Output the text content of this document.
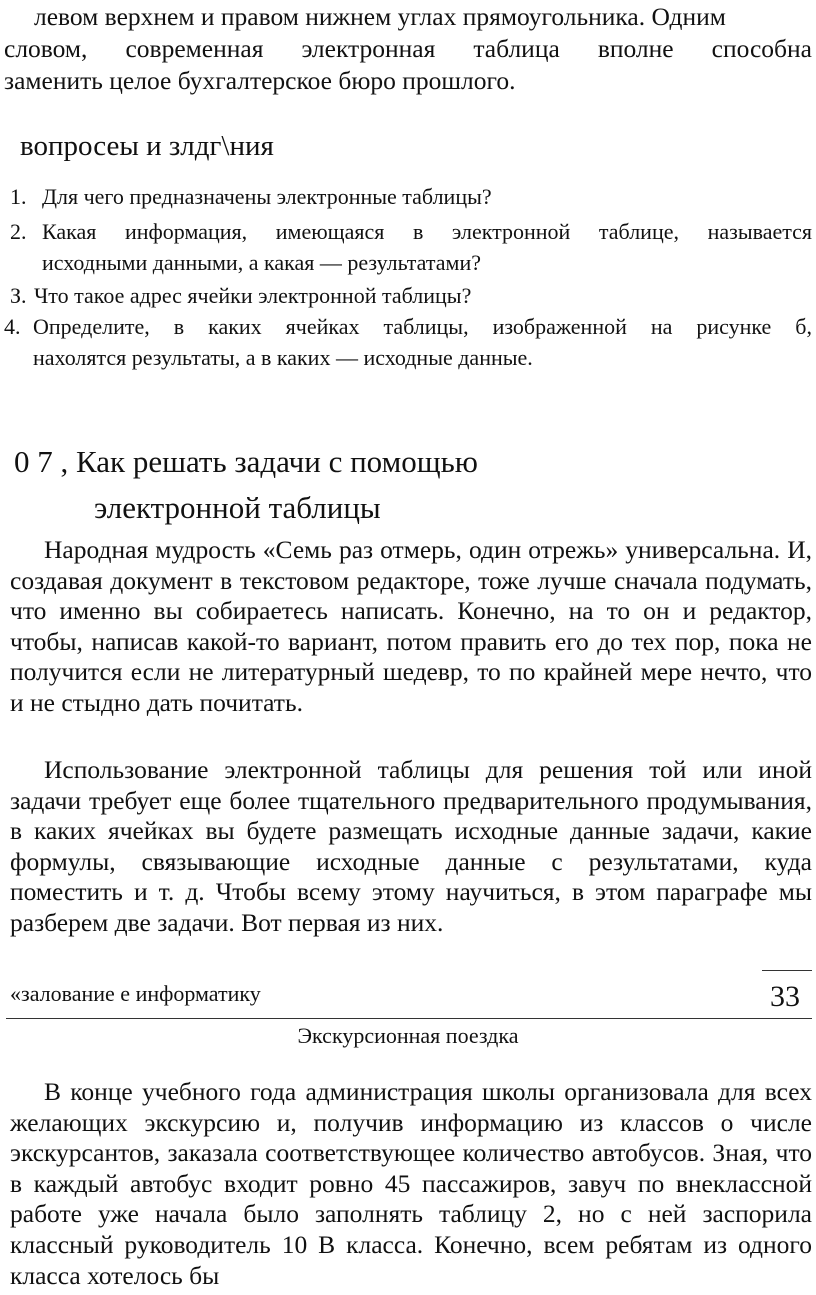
левом верхнем и правом нижнем углах прямоугольника. Одним
словом, современная электронная таблица вполне способна
заменить целое бухгалтерское бюро прошлого.
вопросеы и злдг\ния
1. Для чего предназначены электронные таблицы?
2. Какая информация, имеющаяся в электронной таблице, называется
исходными данными, а какая — результатами?
З. Что такое адрес ячейки электронной таблицы?
4. Определите, в каких ячейках таблицы, изображенной на рисунке б,
нахолятся результаты, а в каких — исходные данные.
0 7 , Как решать задачи с помощью
электронной таблицы

Народная мудрость «Семь раз отмерь, один отрежь» универсальна. И, создавая документ в текстовом редакторе, тоже лучше сначала подумать, что именно вы собираетесь написать. Конечно, на то он и редактор, чтобы, написав какой-то вариант, потом править его до тех пор, пока не получится если не литературный шедевр, то по крайней мере нечто, что и не стыдно дать почитать.

Использование электронной таблицы для решения той или иной задачи требует еще более тщательного предварительного продумывания, в каких ячейках вы будете размещать исходные данные задачи, какие формулы, связывающие исходные данные с результатами, куда поместить и т. д. Чтобы всему этому научиться, в этом параграфе мы разберем две задачи. Вот первая из них.

«залование е информатику	33
Экскурсионная поездка

В конце учебного года администрация школы организовала для всех желающих экскурсию и, получив информацию из классов о числе экскурсантов, заказала соответствующее количество автобусов. Зная, что в каждый автобус входит ровно 45 пассажиров, завуч по внеклассной работе уже начала было заполнять таблицу 2, но с ней заспорила классный руководитель 10 В класса. Конечно, всем ребятам из одного класса хотелось бы
